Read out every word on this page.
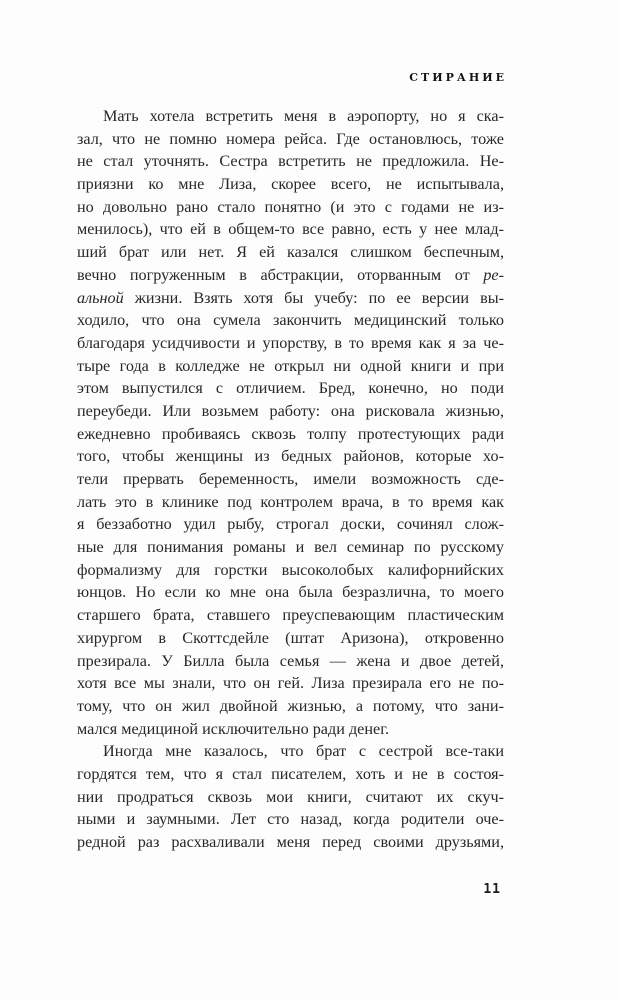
СТИРАНИЕ
Мать хотела встретить меня в аэропорту, но я ска-
зал, что не помню номера рейса. Где остановлюсь, тоже
не стал уточнять. Сестра встретить не предложила. Не-
приязни ко мне Лиза, скорее всего, не испытывала,
но довольно рано стало понятно (и это с годами не из-
менилось), что ей в общем-то все равно, есть у нее млад-
ший брат или нет. Я ей казался слишком беспечным,
вечно погруженным в абстракции, оторванным от ре-
альной жизни. Взять хотя бы учебу: по ее версии вы-
ходило, что она сумела закончить медицинский только
благодаря усидчивости и упорству, в то время как я за че-
тыре года в колледже не открыл ни одной книги и при
этом выпустился с отличием. Бред, конечно, но поди
переубеди. Или возьмем работу: она рисковала жизнью,
ежедневно пробиваясь сквозь толпу протестующих ради
того, чтобы женщины из бедных районов, которые хо-
тели прервать беременность, имели возможность сде-
лать это в клинике под контролем врача, в то время как
я беззаботно удил рыбу, строгал доски, сочинял слож-
ные для понимания романы и вел семинар по русскому
формализму для горстки высоколобых калифорнийских
юнцов. Но если ко мне она была безразлична, то моего
старшего брата, ставшего преуспевающим пластическим
хирургом в Скоттсдейле (штат Аризона), откровенно
презирала. У Билла была семья — жена и двое детей,
хотя все мы знали, что он гей. Лиза презирала его не по-
тому, что он жил двойной жизнью, а потому, что зани-
мался медициной исключительно ради денег.
Иногда мне казалось, что брат с сестрой все-таки
гордятся тем, что я стал писателем, хоть и не в состоя-
нии продраться сквозь мои книги, считают их скуч-
ными и заумными. Лет сто назад, когда родители оче-
редной раз расхваливали меня перед своими друзьями,
11
